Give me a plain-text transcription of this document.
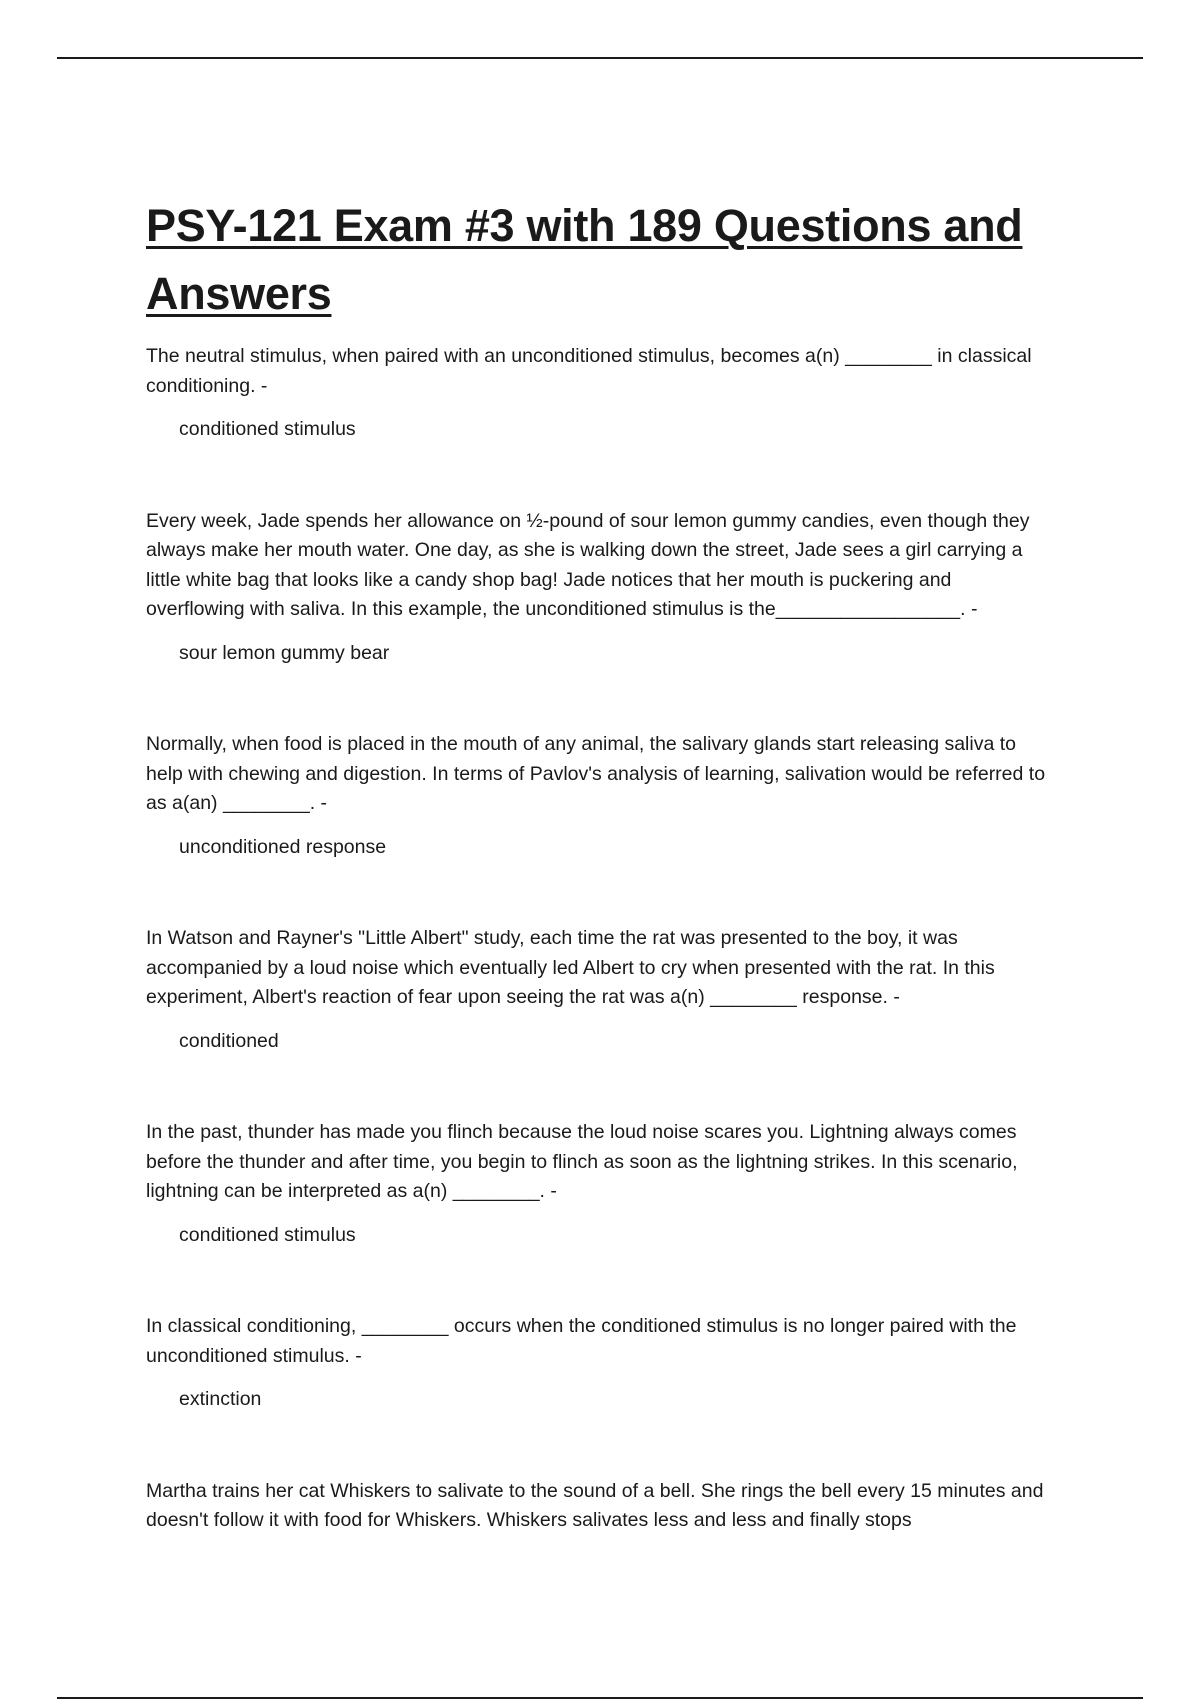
PSY-121 Exam #3 with 189 Questions and Answers

The neutral stimulus, when paired with an unconditioned stimulus, becomes a(n) ________ in classical conditioning. -

conditioned stimulus

Every week, Jade spends her allowance on ½-pound of sour lemon gummy candies, even though they always make her mouth water. One day, as she is walking down the street, Jade sees a girl carrying a little white bag that looks like a candy shop bag! Jade notices that her mouth is puckering and overflowing with saliva. In this example, the unconditioned stimulus is the_________________. -

sour lemon gummy bear

Normally, when food is placed in the mouth of any animal, the salivary glands start releasing saliva to help with chewing and digestion. In terms of Pavlov's analysis of learning, salivation would be referred to as a(an) ________. -

unconditioned response

In Watson and Rayner's "Little Albert" study, each time the rat was presented to the boy, it was accompanied by a loud noise which eventually led Albert to cry when presented with the rat. In this experiment, Albert's reaction of fear upon seeing the rat was a(n) ________ response. -

conditioned

In the past, thunder has made you flinch because the loud noise scares you. Lightning always comes before the thunder and after time, you begin to flinch as soon as the lightning strikes. In this scenario, lightning can be interpreted as a(n) ________. -

conditioned stimulus

In classical conditioning, ________ occurs when the conditioned stimulus is no longer paired with the unconditioned stimulus. -

extinction

Martha trains her cat Whiskers to salivate to the sound of a bell. She rings the bell every 15 minutes and doesn't follow it with food for Whiskers. Whiskers salivates less and less and finally stops
